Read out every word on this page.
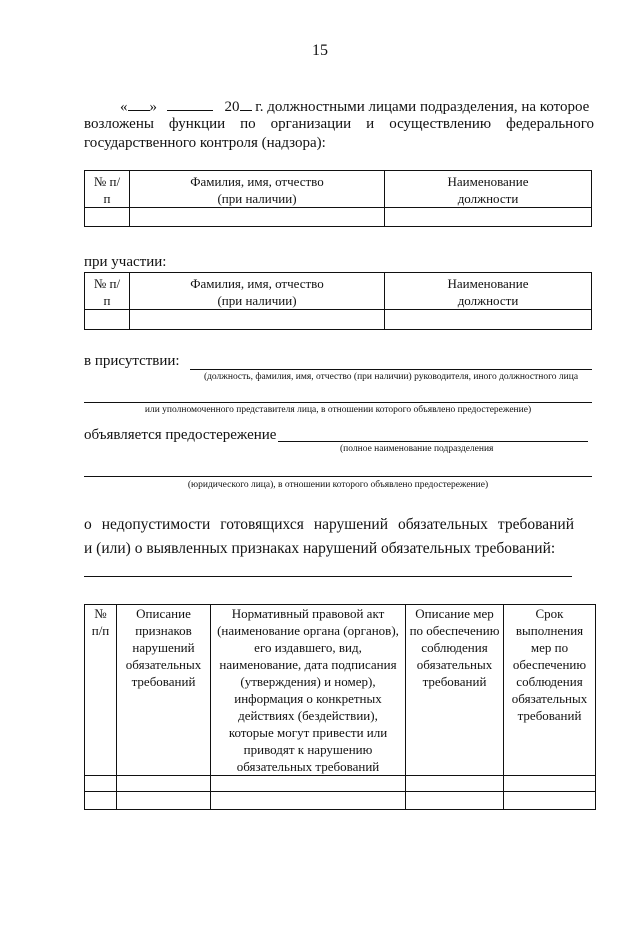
15
« »	20 г. должностными лицами подразделения, на которое
возложены функции по организации и осуществлению федерального
государственного контроля (надзора):
№ п/п	Фамилия, имя, отчество (при наличии)	Наименование должности

при участии:
№ п/п	Фамилия, имя, отчество (при наличии)	Наименование должности

в присутствии:
(должность, фамилия, имя, отчество (при наличии) руководителя, иного должностного лица
или уполномоченного представителя лица, в отношении которого объявлено предостережение)
объявляется предостережение
(полное наименование подразделения
(юридического лица), в отношении которого объявлено предостережение)
о недопустимости готовящихся нарушений обязательных требований
и (или) о выявленных признаках нарушений обязательных требований:
№ п/п	Описание признаков нарушений обязательных требований	Нормативный правовой акт (наименование органа (органов), его издавшего, вид, наименование, дата подписания (утверждения) и номер), информация о конкретных действиях (бездействии), которые могут привести или приводят к нарушению обязательных требований	Описание мер по обеспечению соблюдения обязательных требований	Срок выполнения мер по обеспечению соблюдения обязательных требований
